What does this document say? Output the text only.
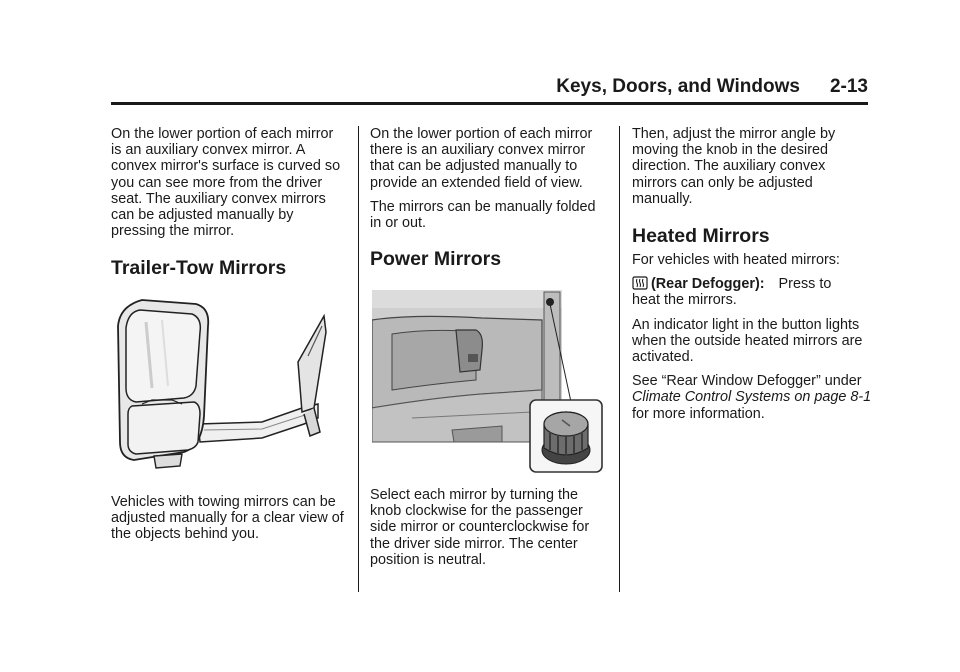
Keys, Doors, and Windows 2-13

On the lower portion of each mirror is an auxiliary convex mirror. A convex mirror's surface is curved so you can see more from the driver seat. The auxiliary convex mirrors can be adjusted manually by pressing the mirror.

Trailer-Tow Mirrors

Vehicles with towing mirrors can be adjusted manually for a clear view of the objects behind you.

On the lower portion of each mirror there is an auxiliary convex mirror that can be adjusted manually to provide an extended field of view.

The mirrors can be manually folded in or out.

Power Mirrors

Select each mirror by turning the knob clockwise for the passenger side mirror or counterclockwise for the driver side mirror. The center position is neutral.

Then, adjust the mirror angle by moving the knob in the desired direction. The auxiliary convex mirrors can only be adjusted manually.

Heated Mirrors

For vehicles with heated mirrors:

(Rear Defogger): Press to
heat the mirrors.

An indicator light in the button lights when the outside heated mirrors are activated.

See “Rear Window Defogger” under
Climate Control Systems on page 8-1 for more information.
